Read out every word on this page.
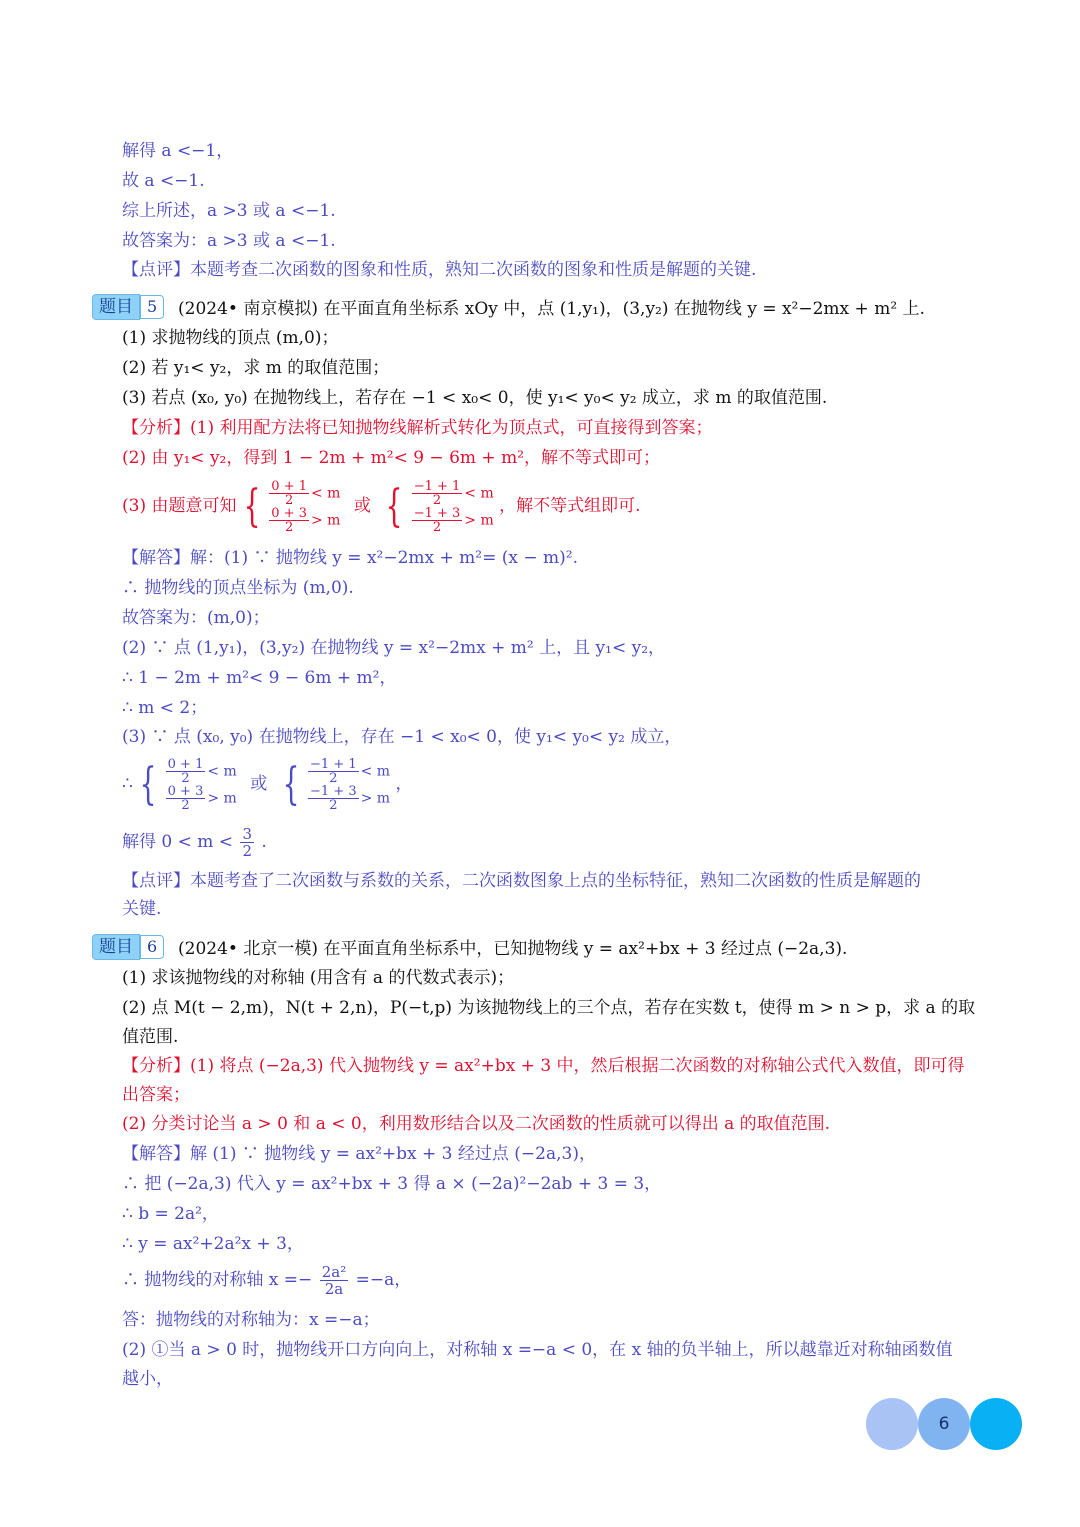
解得 a <−1，
故 a <−1.
综上所述，a >3 或 a <−1.
故答案为：a >3 或 a <−1.
【点评】本题考查二次函数的图象和性质，熟知二次函数的图象和性质是解题的关键.
题目 5	(2024• 南京模拟) 在平面直角坐标系 xOy 中，点 (1,y₁)，(3,y₂) 在抛物线 y = x²−2mx + m² 上.
(1) 求抛物线的顶点 (m,0)；
(2) 若 y₁< y₂，求 m 的取值范围；
(3) 若点 (x₀, y₀) 在抛物线上，若存在 −1 < x₀< 0，使 y₁< y₀< y₂ 成立，求 m 的取值范围.
【分析】(1) 利用配方法将已知抛物线解析式转化为顶点式，可直接得到答案；
(2) 由 y₁< y₂，得到 1 − 2m + m²< 9 − 6m + m²，解不等式即可；
(3) 由题意可知 { $\frac{0 + 1}{2} < m$
$\frac{0 + 3}{2} > m$
或 { $\frac{-1 + 1}{2} < m$
$\frac{-1 + 3}{2} > m$
，解不等式组即可.
【解答】解：(1) ∵ 抛物线 y = x²−2mx + m²= (x − m)².
∴ 抛物线的顶点坐标为 (m,0).
故答案为：(m,0)；
(2) ∵ 点 (1,y₁)，(3,y₂) 在抛物线 y = x²−2mx + m² 上，且 y₁< y₂，
∴ 1 − 2m + m²< 9 − 6m + m²，
∴ m < 2；
(3) ∵ 点 (x₀, y₀) 在抛物线上，存在 −1 < x₀< 0，使 y₁< y₀< y₂ 成立，
∴ { $\frac{0 + 1}{2} < m$
$\frac{0 + 3}{2} > m$
或 { $\frac{-1 + 1}{2} < m$
$\frac{-1 + 3}{2} > m$
，
解得 $0 < m < \frac{3}{2}$ .
【点评】本题考查了二次函数与系数的关系，二次函数图象上点的坐标特征，熟知二次函数的性质是解题的
关键.
题目 6	(2024• 北京一模) 在平面直角坐标系中，已知抛物线 y = ax²+bx + 3 经过点 (−2a,3).
(1) 求该抛物线的对称轴 (用含有 a 的代数式表示)；
(2) 点 M(t − 2,m)，N(t + 2,n)，P(−t,p) 为该抛物线上的三个点，若存在实数 t，使得 m > n > p，求 a 的取
值范围.
【分析】(1) 将点 (−2a,3) 代入抛物线 y = ax²+bx + 3 中，然后根据二次函数的对称轴公式代入数值，即可得
出答案；
(2) 分类讨论当 a > 0 和 a < 0，利用数形结合以及二次函数的性质就可以得出 a 的取值范围.
【解答】解 (1) ∵ 抛物线 y = ax²+bx + 3 经过点 (−2a,3)，
∴ 把 (−2a,3) 代入 y = ax²+bx + 3 得 a × (−2a)²−2ab + 3 = 3，
∴ b = 2a²，
∴ y = ax²+2a²x + 3，
∴ 抛物线的对称轴 $x =- \frac{\text{2a²}}{2a} =-a$，
答：抛物线的对称轴为：x =−a；
(2) ①当 a > 0 时，抛物线开口方向向上，对称轴 x =−a < 0，在 x 轴的负半轴上，所以越靠近对称轴函数值
越小，
6
